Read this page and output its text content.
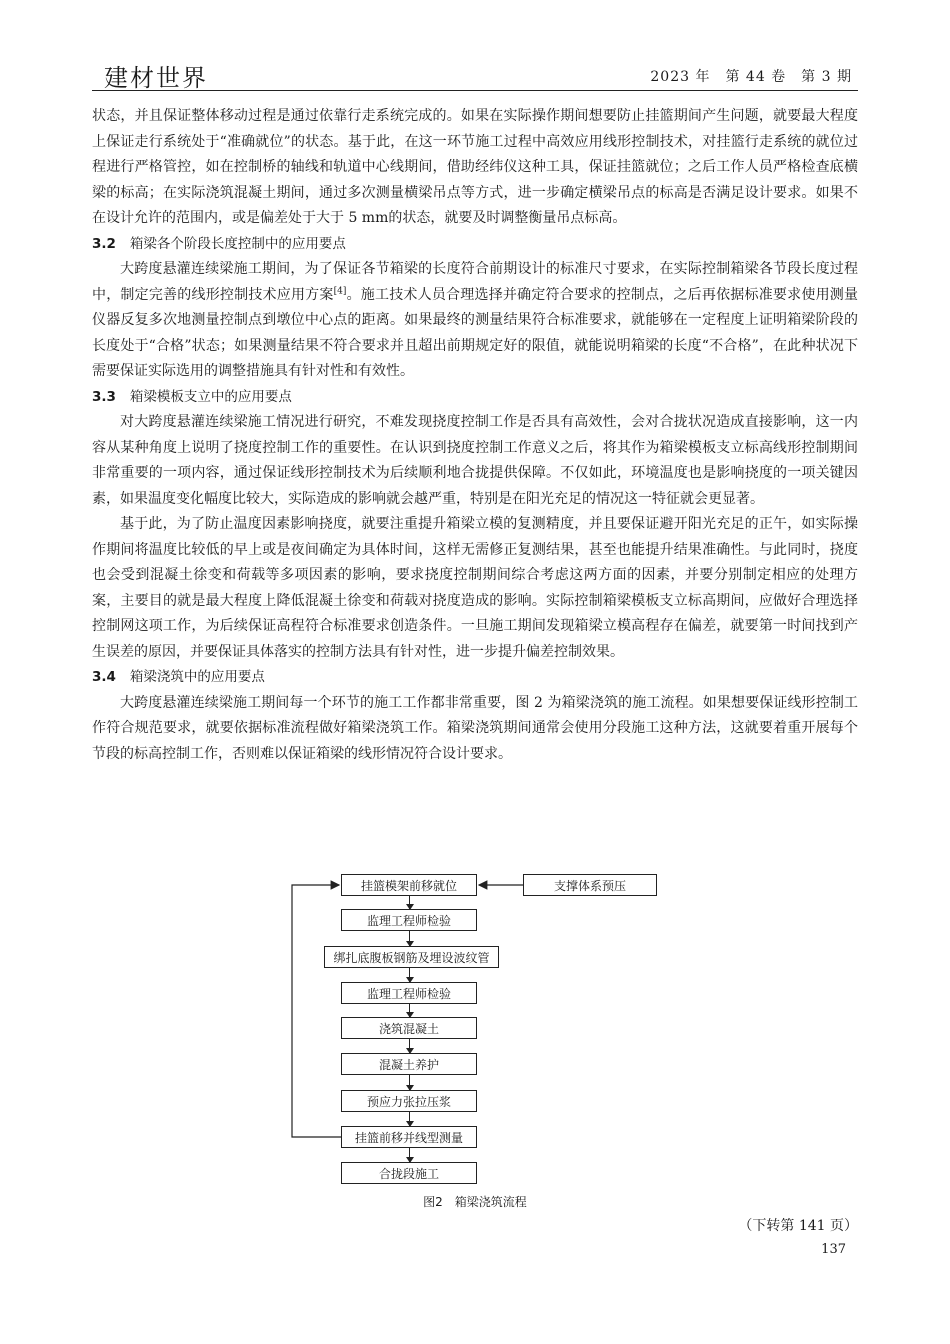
建材世界	2023 年　第 44 卷　第 3 期

状态，并且保证整体移动过程是通过依靠行走系统完成的。如果在实际操作期间想要防止挂篮期间产生问题，就要最大程度上保证走行系统处于“准确就位”的状态。基于此，在这一环节施工过程中高效应用线形控制技术，对挂篮行走系统的就位过程进行严格管控，如在控制桥的轴线和轨道中心线期间，借助经纬仪这种工具，保证挂篮就位；之后工作人员严格检查底横梁的标高；在实际浇筑混凝土期间，通过多次测量横梁吊点等方式，进一步确定横梁吊点的标高是否满足设计要求。如果不在设计允许的范围内，或是偏差处于大于 5 mm的状态，就要及时调整衡量吊点标高。

3.2 箱梁各个阶段长度控制中的应用要点

大跨度悬灌连续梁施工期间，为了保证各节箱梁的长度符合前期设计的标准尺寸要求，在实际控制箱梁各节段长度过程中，制定完善的线形控制技术应用方案[4]。施工技术人员合理选择并确定符合要求的控制点，之后再依据标准要求使用测量仪器反复多次地测量控制点到墩位中心点的距离。如果最终的测量结果符合标准要求，就能够在一定程度上证明箱梁阶段的长度处于“合格”状态；如果测量结果不符合要求并且超出前期规定好的限值，就能说明箱梁的长度“不合格”，在此种状况下需要保证实际选用的调整措施具有针对性和有效性。

3.3 箱梁模板支立中的应用要点

对大跨度悬灌连续梁施工情况进行研究，不难发现挠度控制工作是否具有高效性，会对合拢状况造成直接影响，这一内容从某种角度上说明了挠度控制工作的重要性。在认识到挠度控制工作意义之后，将其作为箱梁模板支立标高线形控制期间非常重要的一项内容，通过保证线形控制技术为后续顺利地合拢提供保障。不仅如此，环境温度也是影响挠度的一项关键因素，如果温度变化幅度比较大，实际造成的影响就会越严重，特别是在阳光充足的情况这一特征就会更显著。

基于此，为了防止温度因素影响挠度，就要注重提升箱梁立模的复测精度，并且要保证避开阳光充足的正午，如实际操作期间将温度比较低的早上或是夜间确定为具体时间，这样无需修正复测结果，甚至也能提升结果准确性。与此同时，挠度也会受到混凝土徐变和荷载等多项因素的影响，要求挠度控制期间综合考虑这两方面的因素，并要分别制定相应的处理方案，主要目的就是最大程度上降低混凝土徐变和荷载对挠度造成的影响。实际控制箱梁模板支立标高期间，应做好合理选择控制网这项工作，为后续保证高程符合标准要求创造条件。一旦施工期间发现箱梁立模高程存在偏差，就要第一时间找到产生误差的原因，并要保证具体落实的控制方法具有针对性，进一步提升偏差控制效果。

3.4 箱梁浇筑中的应用要点

大跨度悬灌连续梁施工期间每一个环节的施工工作都非常重要，图 2 为箱梁浇筑的施工流程。如果想要保证线形控制工作符合规范要求，就要依据标准流程做好箱梁浇筑工作。箱梁浇筑期间通常会使用分段施工这种方法，这就要着重开展每个节段的标高控制工作，否则难以保证箱梁的线形情况符合设计要求。

挂篮模架前移就位	支撑体系预压
监理工程师检验
绑扎底腹板钢筋及埋设波纹管
监理工程师检验
浇筑混凝土
混凝土养护
预应力张拉压浆
挂篮前移并线型测量
合拢段施工
图2　箱梁浇筑流程
（下转第 141 页）
137
